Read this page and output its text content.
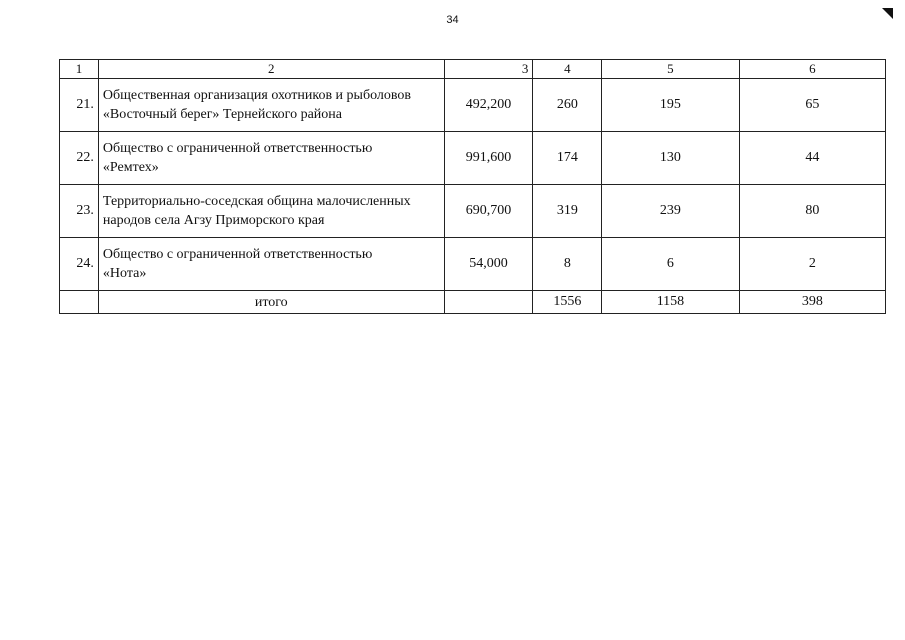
34
1	2	3	4	5	6
21.	Общественная организация охотников и рыболовов
«Восточный берег» Тернейского района	492,200	260	195	65
22.	Общество с ограниченной ответственностью
«Ремтех»	991,600	174	130	44
23.	Территориально-соседская община малочисленных
народов села Агзу Приморского края	690,700	319	239	80
24.	Общество с ограниченной ответственностью
«Нота»	54,000	8	6	2
	итого		1556	1158	398
